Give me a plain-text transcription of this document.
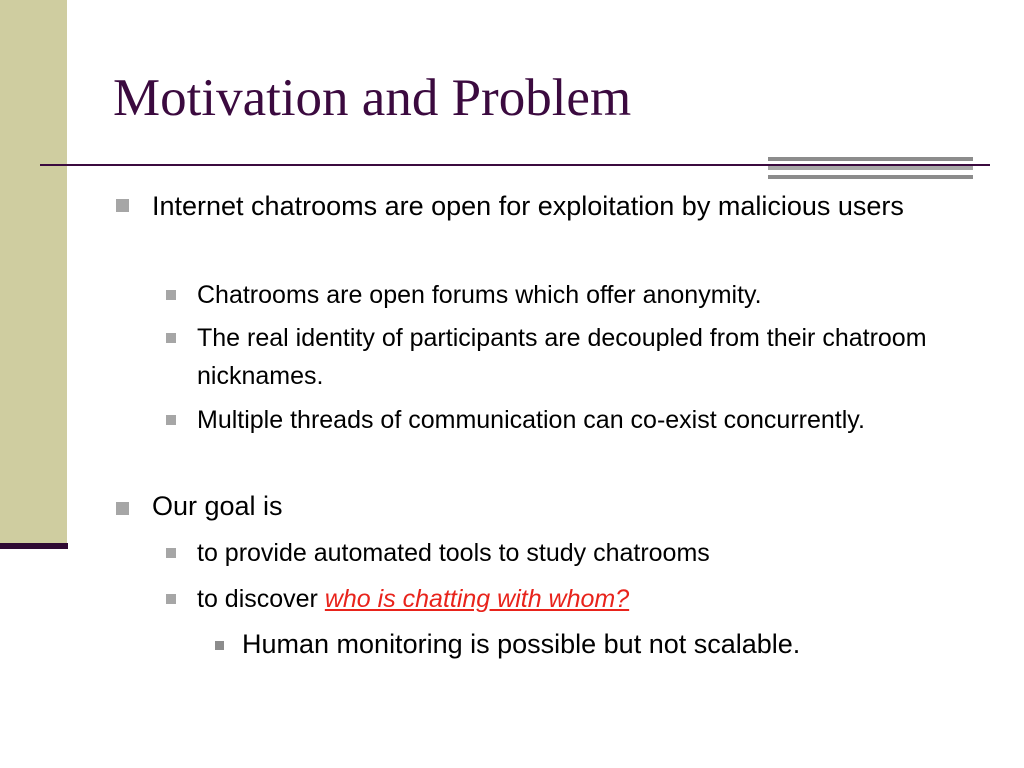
Motivation and Problem
Internet chatrooms are open for exploitation by malicious users
Chatrooms are open forums which offer anonymity.
The real identity of participants are decoupled from their chatroom nicknames.
Multiple threads of communication can co-exist concurrently.
Our goal is
to provide automated tools to study chatrooms
to discover who is chatting with whom?
Human monitoring is possible but not scalable.
